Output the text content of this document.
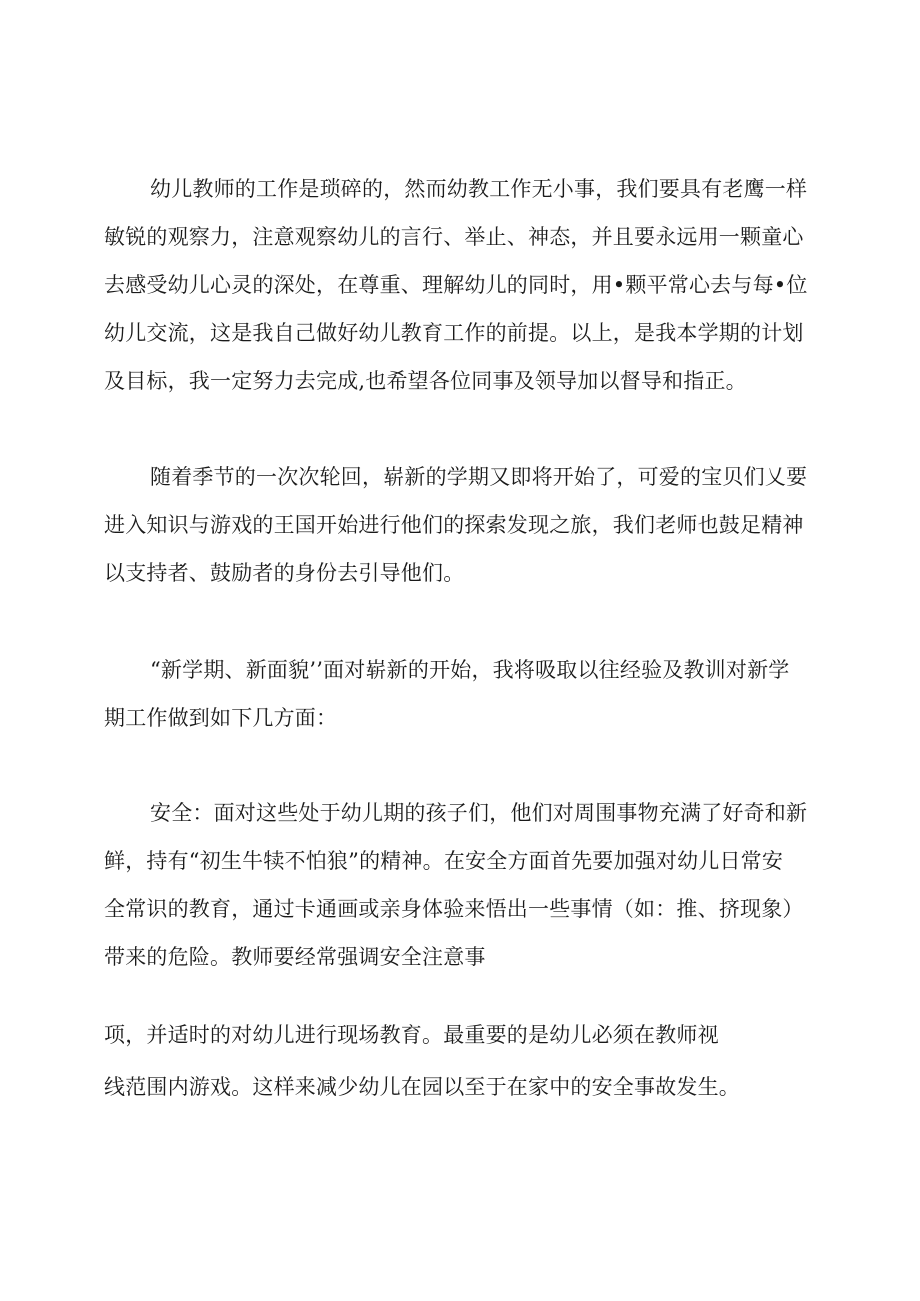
幼儿教师的工作是琐碎的，然而幼教工作无小事，我们要具有老鹰一样
敏锐的观察力，注意观察幼儿的言行、举止、神态，并且要永远用一颗童心
去感受幼儿心灵的深处，在尊重、理解幼儿的同时，用•颗平常心去与每•位
幼儿交流，这是我自己做好幼儿教育工作的前提。以上，是我本学期的计划
及目标，我一定努力去完成,也希望各位同事及领导加以督导和指正。
随着季节的一次次轮回，崭新的学期又即将开始了，可爱的宝贝们乂要
进入知识与游戏的王国开始进行他们的探索发现之旅，我们老师也鼓足精神
以支持者、鼓励者的身份去引导他们。
“新学期、新面貌’’面对崭新的开始，我将吸取以往经验及教训对新学
期工作做到如下几方面：
安全：面对这些处于幼儿期的孩子们，他们对周围事物充满了好奇和新
鲜，持有“初生牛犊不怕狼”的精神。在安全方面首先要加强对幼儿日常安
全常识的教育，通过卡通画或亲身体验来悟出一些事情（如：推、挤现象）
带来的危险。教师要经常强调安全注意事
项，并适时的对幼儿进行现场教育。最重要的是幼儿必须在教师视
线范围内游戏。这样来减少幼儿在园以至于在家中的安全事故发生。
